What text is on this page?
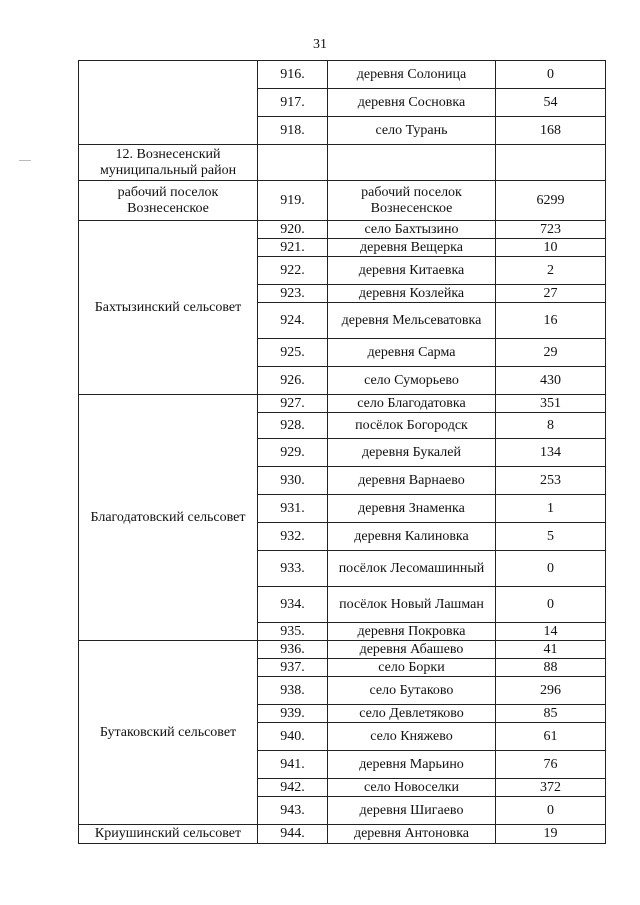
31
	916.	деревня Солоница	0
	917.	деревня Сосновка	54
	918.	село Турань	168
12. Вознесенский муниципальный район			
рабочий поселок Вознесенское	919.	рабочий поселок Вознесенское	6299
Бахтызинский сельсовет	920.	село Бахтызино	723
	921.	деревня Вещерка	10
	922.	деревня Китаевка	2
	923.	деревня Козлейка	27
	924.	деревня Мельсеватовка	16
	925.	деревня Сарма	29
	926.	село Суморьево	430
Благодатовский сельсовет	927.	село Благодатовка	351
	928.	посёлок Богородск	8
	929.	деревня Букалей	134
	930.	деревня Варнаево	253
	931.	деревня Знаменка	1
	932.	деревня Калиновка	5
	933.	посёлок Лесомашинный	0
	934.	посёлок Новый Лашман	0
	935.	деревня Покровка	14
Бутаковский сельсовет	936.	деревня Абашево	41
	937.	село Борки	88
	938.	село Бутаково	296
	939.	село Девлетяково	85
	940.	село Княжево	61
	941.	деревня Марьино	76
	942.	село Новоселки	372
	943.	деревня Шигаево	0
Криушинский сельсовет	944.	деревня Антоновка	19
